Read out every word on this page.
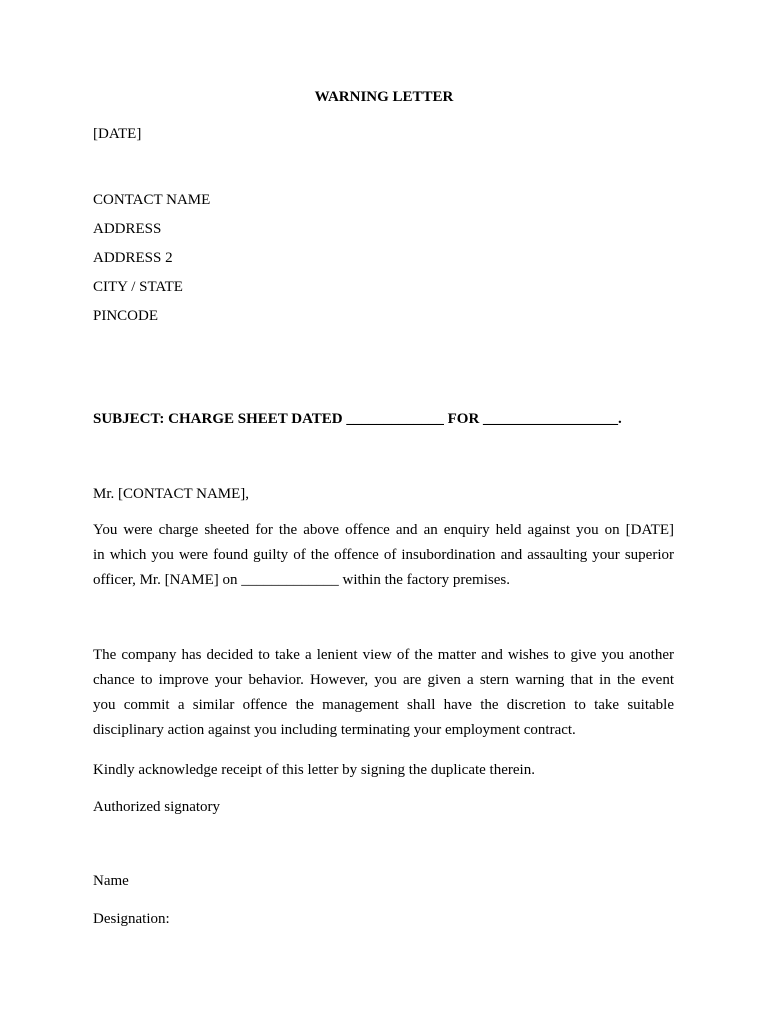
WARNING LETTER
[DATE]
CONTACT NAME
ADDRESS
ADDRESS 2
CITY / STATE
PINCODE
SUBJECT: CHARGE SHEET DATED _____________ FOR __________________.
Mr. [CONTACT NAME],
You were charge sheeted for the above offence and an enquiry held against you on [DATE]
in which you were found guilty of the offence of insubordination and assaulting your superior
officer, Mr. [NAME] on _____________ within the factory premises.
The company has decided to take a lenient view of the matter and wishes to give you another
chance to improve your behavior. However, you are given a stern warning that in the event
you commit a similar offence the management shall have the discretion to take suitable
disciplinary action against you including terminating your employment contract.
Kindly acknowledge receipt of this letter by signing the duplicate therein.
Authorized signatory
Name
Designation:
